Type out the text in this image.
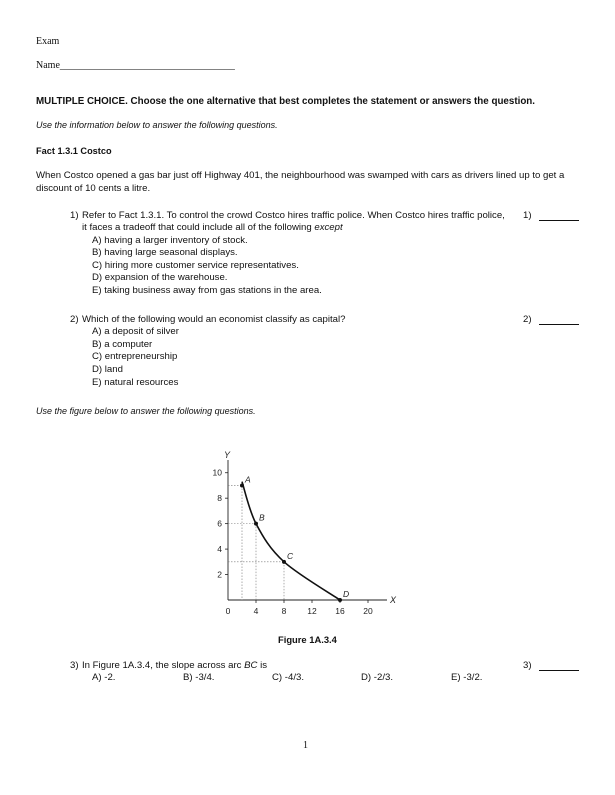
Exam
Name___________________________________
MULTIPLE CHOICE. Choose the one alternative that best completes the statement or answers the question.
Use the information below to answer the following questions.
Fact 1.3.1 Costco
When Costco opened a gas bar just off Highway 401, the neighbourhood was swamped with cars as drivers lined up to get a
discount of 10 cents a litre.
1) Refer to Fact 1.3.1. To control the crowd Costco hires traffic police. When Costco hires traffic police,
it faces a tradeoff that could include all of the following except
A) having a larger inventory of stock.
B) having large seasonal displays.
C) hiring more customer service representatives.
D) expansion of the warehouse.
E) taking business away from gas stations in the area.
1)
2) Which of the following would an economist classify as capital?
A) a deposit of silver
B) a computer
C) entrepreneurship
D) land
E) natural resources
2)
Use the figure below to answer the following questions.
X
Y
0	4	8 12 16 20
2
4
6
8
10
A
B
C
D
Figure 1A.3.4
3) In Figure 1A.3.4, the slope across arc BC is
A) -2.	B) -3/4.	C) -4/3.	D) -2/3.	E) -3/2.
3)
1
